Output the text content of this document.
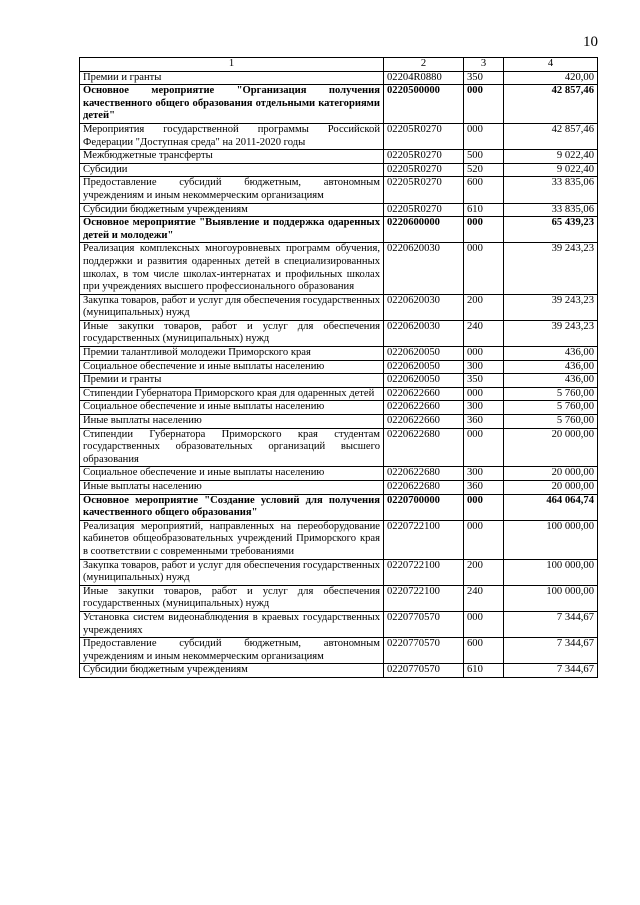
10
1	2	3	4
Премии и гранты	02204R0880	350	420,00
Основное мероприятие "Организация получения качественного общего образования отдельными категориями детей"	0220500000	000	42 857,46
Мероприятия государственной программы Российской Федерации "Доступная среда" на 2011-2020 годы	02205R0270	000	42 857,46
Межбюджетные трансферты	02205R0270	500	9 022,40
Субсидии	02205R0270	520	9 022,40
Предоставление субсидий бюджетным, автономным учреждениям и иным некоммерческим организациям	02205R0270	600	33 835,06
Субсидии бюджетным учреждениям	02205R0270	610	33 835,06
Основное мероприятие "Выявление и поддержка одаренных детей и молодежи"	0220600000	000	65 439,23
Реализация комплексных многоуровневых программ обучения, поддержки и развития одаренных детей в специализированных школах, в том числе школах-интернатах и профильных школах при учреждениях высшего профессионального образования	0220620030	000	39 243,23
Закупка товаров, работ и услуг для обеспечения государственных (муниципальных) нужд	0220620030	200	39 243,23
Иные закупки товаров, работ и услуг для обеспечения государственных (муниципальных) нужд	0220620030	240	39 243,23
Премии талантливой молодежи Приморского края	0220620050	000	436,00
Социальное обеспечение и иные выплаты населению	0220620050	300	436,00
Премии и гранты	0220620050	350	436,00
Стипендии Губернатора Приморского края для одаренных детей	0220622660	000	5 760,00
Социальное обеспечение и иные выплаты населению	0220622660	300	5 760,00
Иные выплаты населению	0220622660	360	5 760,00
Стипендии Губернатора Приморского края студентам государственных образовательных организаций высшего образования	0220622680	000	20 000,00
Социальное обеспечение и иные выплаты населению	0220622680	300	20 000,00
Иные выплаты населению	0220622680	360	20 000,00
Основное мероприятие "Создание условий для получения качественного общего образования"	0220700000	000	464 064,74
Реализация мероприятий, направленных на переоборудование кабинетов общеобразовательных учреждений Приморского края в соответствии с современными требованиями	0220722100	000	100 000,00
Закупка товаров, работ и услуг для обеспечения государственных (муниципальных) нужд	0220722100	200	100 000,00
Иные закупки товаров, работ и услуг для обеспечения государственных (муниципальных) нужд	0220722100	240	100 000,00
Установка систем видеонаблюдения в краевых государственных учреждениях	0220770570	000	7 344,67
Предоставление субсидий бюджетным, автономным учреждениям и иным некоммерческим организациям	0220770570	600	7 344,67
Субсидии бюджетным учреждениям	0220770570	610	7 344,67
